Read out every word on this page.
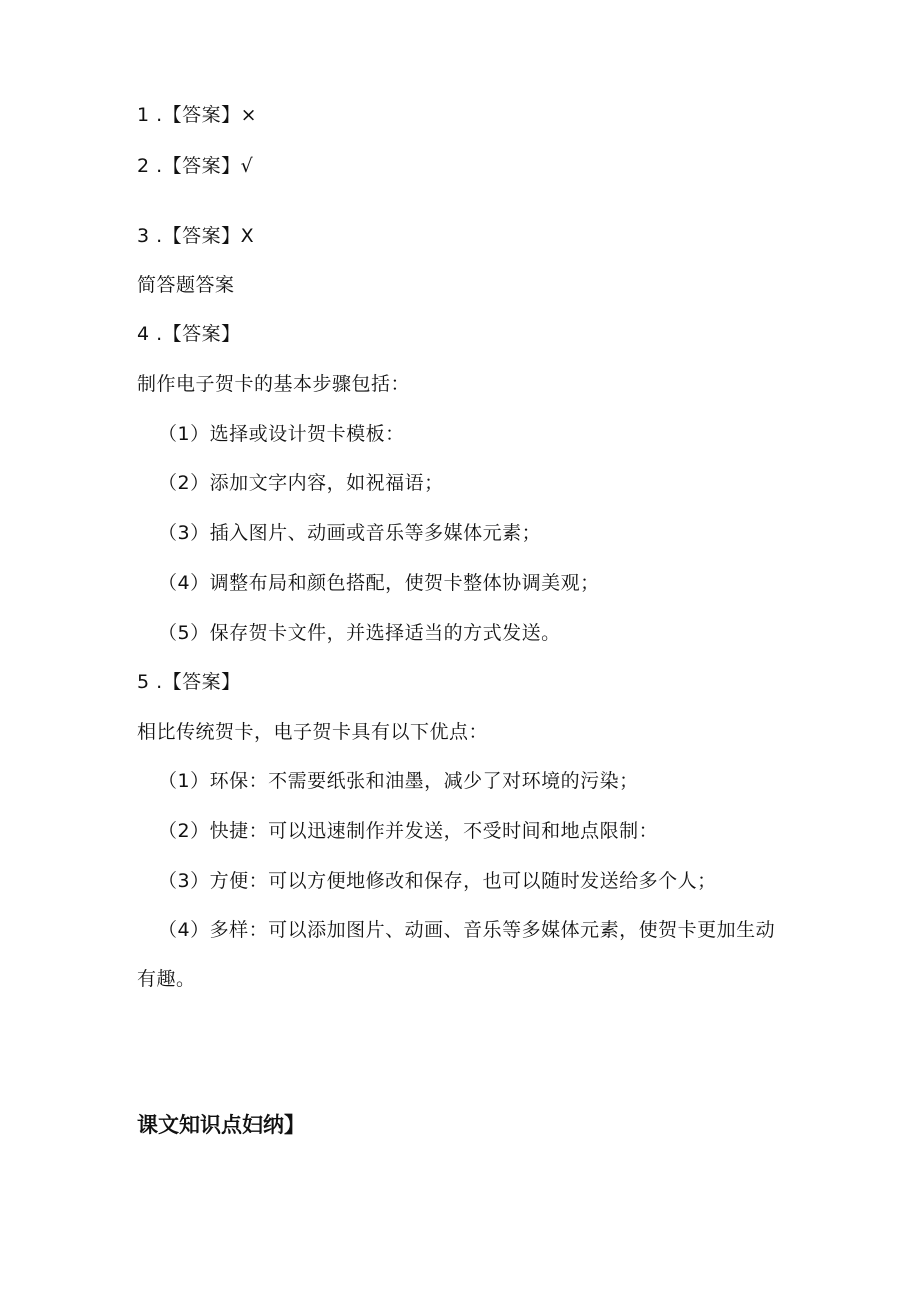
1 .【答案】×
2 .【答案】√
3 .【答案】X
简答题答案
4 .【答案】
制作电子贺卡的基本步骤包括：
（1）选择或设计贺卡模板：
（2）添加文字内容，如祝福语；
（3）插入图片、动画或音乐等多媒体元素；
（4）调整布局和颜色搭配，使贺卡整体协调美观；
（5）保存贺卡文件，并选择适当的方式发送。
5 .【答案】
相比传统贺卡，电子贺卡具有以下优点：
（1）环保：不需要纸张和油墨，减少了对环境的污染；
（2）快捷：可以迅速制作并发送，不受时间和地点限制：
（3）方便：可以方便地修改和保存，也可以随时发送给多个人；
（4）多样：可以添加图片、动画、音乐等多媒体元素，使贺卡更加生动
有趣。
课文知识点妇纳】
